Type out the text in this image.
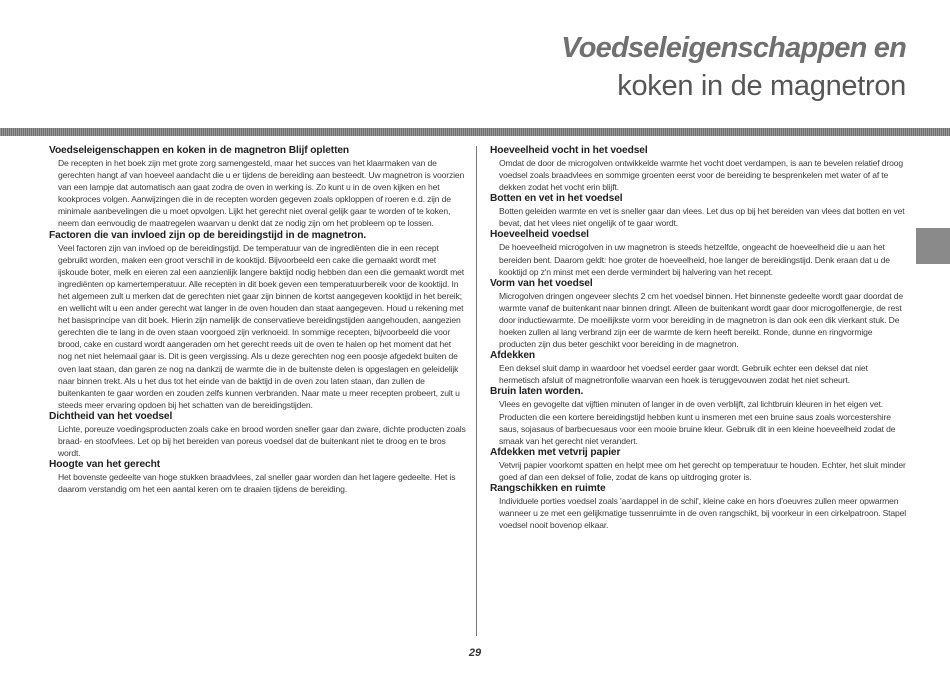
Voedseleigenschappen en
koken in de magnetron
Voedseleigenschappen en koken in de magnetron Blijf opletten

De recepten in het boek zijn met grote zorg samengesteld, maar het succes van het klaarmaken van de gerechten hangt af van hoeveel aandacht die u er tijdens de bereiding aan besteedt. Uw magnetron is voorzien van een lampje dat automatisch aan gaat zodra de oven in werking is. Zo kunt u in de oven kijken en het kookproces volgen. Aanwijzingen die in de recepten worden gegeven zoals opkloppen of roeren e.d. zijn de minimale aanbevelingen die u moet opvolgen. Lijkt het gerecht niet overal gelijk gaar te worden of te koken, neem dan eenvoudig de maatregelen waarvan u denkt dat ze nodig zijn om het probleem op te lossen.

Factoren die van invloed zijn op de bereidingstijd in de magnetron.

Veel factoren zijn van invloed op de bereidingstijd. De temperatuur van de ingrediënten die in een recept gebruikt worden, maken een groot verschil in de kooktijd. Bijvoorbeeld een cake die gemaakt wordt met ijskoude boter, melk en eieren zal een aanzienlijk langere baktijd nodig hebben dan een die gemaakt wordt met ingrediënten op kamertemperatuur. Alle recepten in dit boek geven een temperatuurbereik voor de kooktijd. In het algemeen zult u merken dat de gerechten niet gaar zijn binnen de kortst aangegeven kooktijd in het bereik; en wellicht wilt u een ander gerecht wat langer in de oven houden dan staat aangegeven. Houd u rekening met het basisprincipe van dit boek. Hierin zijn namelijk de conservatieve bereidingstijden aangehouden, aangezien gerechten die te lang in de oven staan voorgoed zijn verknoeid. In sommige recepten, bijvoorbeeld die voor brood, cake en custard wordt aangeraden om het gerecht reeds uit de oven te halen op het moment dat het nog net niet helemaal gaar is. Dit is geen vergissing. Als u deze gerechten nog een poosje afgedekt buiten de oven laat staan, dan garen ze nog na dankzij de warmte die in de buitenste delen is opgeslagen en geleidelijk naar binnen trekt. Als u het dus tot het einde van de baktijd in de oven zou laten staan, dan zullen de buitenkanten te gaar worden en zouden zelfs kunnen verbranden. Naar mate u meer recepten probeert, zult u steeds meer ervaring opdoen bij het schatten van de bereidingstijden.

Dichtheid van het voedsel

Lichte, poreuze voedingsproducten zoals cake en brood worden sneller gaar dan zware, dichte producten zoals braad- en stoofvlees. Let op bij het bereiden van poreus voedsel dat de buitenkant niet te droog en te bros wordt.

Hoogte van het gerecht

Het bovenste gedeelte van hoge stukken braadvlees, zal sneller gaar worden dan het lagere gedeelte. Het is daarom verstandig om het een aantal keren om te draaien tijdens de bereiding.

Hoeveelheid vocht in het voedsel

Omdat de door de microgolven ontwikkelde warmte het vocht doet verdampen, is aan te bevelen relatief droog voedsel zoals braadvlees en sommige groenten eerst voor de bereiding te besprenkelen met water of af te dekken zodat het vocht erin blijft.

Botten en vet in het voedsel

Botten geleiden warmte en vet is sneller gaar dan vlees. Let dus op bij het bereiden van vlees dat botten en vet bevat, dat het vlees niet ongelijk of te gaar wordt.

Hoeveelheid voedsel

De hoeveelheid microgolven in uw magnetron is steeds hetzelfde, ongeacht de hoeveelheid die u aan het bereiden bent. Daarom geldt: hoe groter de hoeveelheid, hoe langer de bereidingstijd. Denk eraan dat u de kooktijd op z'n minst met een derde vermindert bij halvering van het recept.

Vorm van het voedsel

Microgolven dringen ongeveer slechts 2 cm het voedsel binnen. Het binnenste gedeelte wordt gaar doordat de warmte vanaf de buitenkant naar binnen dringt. Alleen de buitenkant wordt gaar door microgolfenergie, de rest door inductiewarmte. De moeilijkste vorm voor bereiding in de magnetron is dan ook een dik vierkant stuk. De hoeken zullen al lang verbrand zijn eer de warmte de kern heeft bereikt. Ronde, dunne en ringvormige producten zijn dus beter geschikt voor bereiding in de magnetron.

Afdekken

Een deksel sluit damp in waardoor het voedsel eerder gaar wordt. Gebruik echter een deksel dat niet hermetisch afsluit of magnetronfolie waarvan een hoek is teruggevouwen zodat het niet scheurt.

Bruin laten worden.

Vlees en gevogelte dat vijftien minuten of langer in de oven verblijft, zal lichtbruin kleuren in het eigen vet. Producten die een kortere bereidingstijd hebben kunt u insmeren met een bruine saus zoals worcestershire saus, sojasaus of barbecuesaus voor een mooie bruine kleur. Gebruik dit in een kleine hoeveelheid zodat de smaak van het gerecht niet verandert.

Afdekken met vetvrij papier

Vetvrij papier voorkomt spatten en helpt mee om het gerecht op temperatuur te houden. Echter, het sluit minder goed af dan een deksel of folie, zodat de kans op uitdroging groter is.

Rangschikken en ruimte

Individuele porties voedsel zoals 'aardappel in de schil', kleine cake en hors d'oeuvres zullen meer opwarmen wanneer u ze met een gelijkmatige tussenruimte in de oven rangschikt, bij voorkeur in een cirkelpatroon. Stapel voedsel nooit bovenop elkaar.

29
